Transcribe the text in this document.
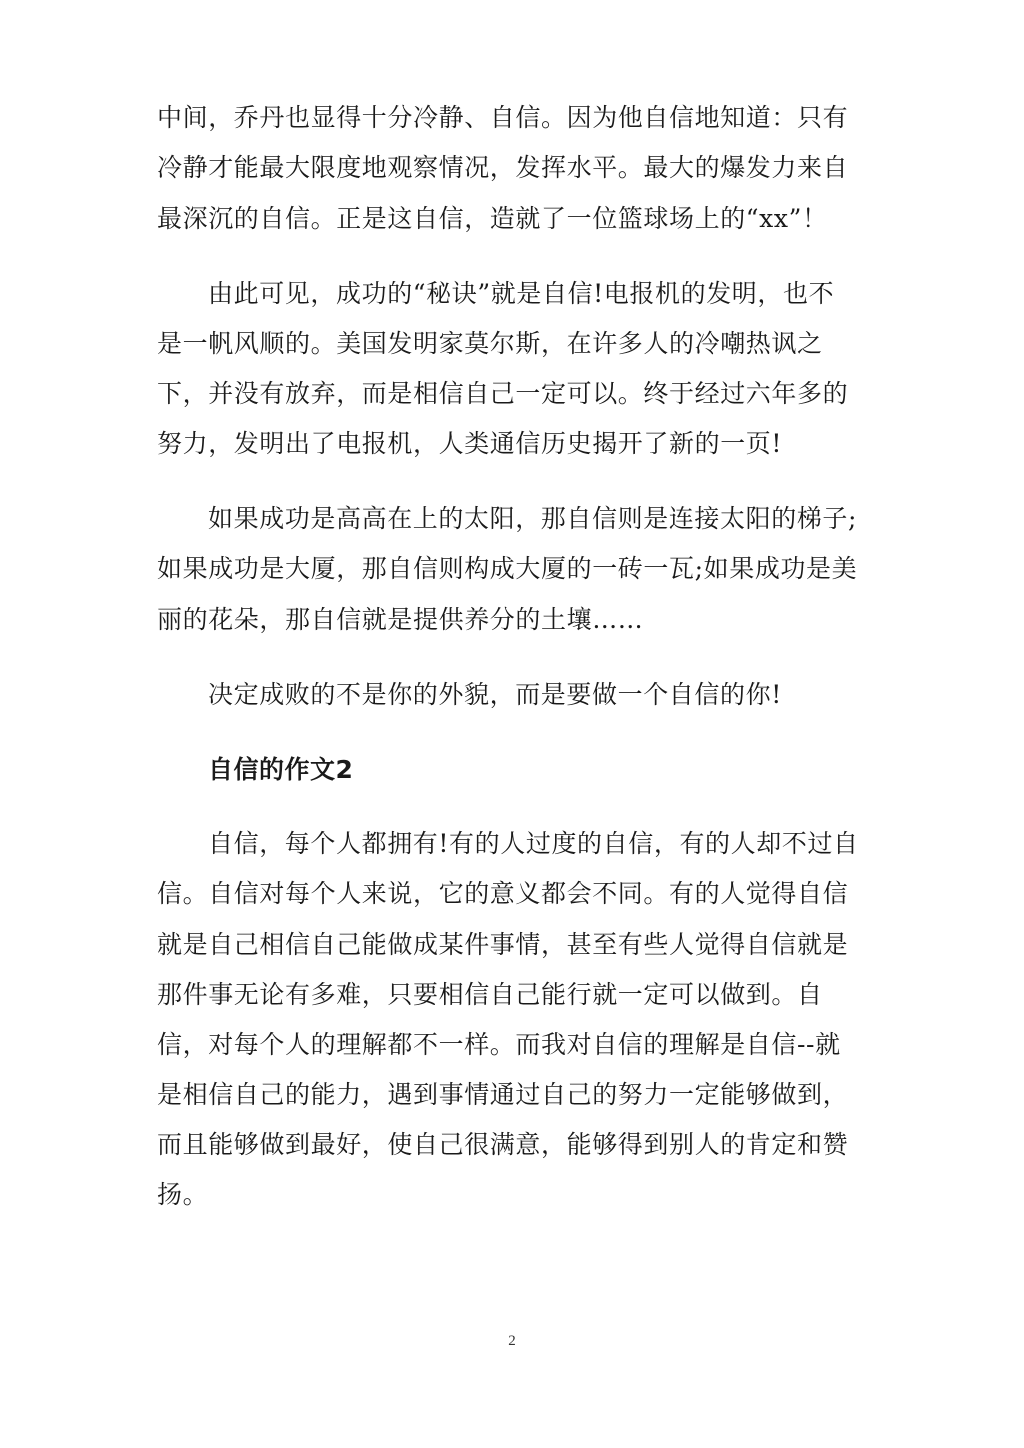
中间，乔丹也显得十分冷静、自信。因为他自信地知道：只有
冷静才能最大限度地观察情况，发挥水平。最大的爆发力来自
最深沉的自信。正是这自信，造就了一位篮球场上的“xx”！
由此可见，成功的“秘诀”就是自信!电报机的发明，也不
是一帆风顺的。美国发明家莫尔斯，在许多人的冷嘲热讽之
下，并没有放弃，而是相信自己一定可以。终于经过六年多的
努力，发明出了电报机，人类通信历史揭开了新的一页!
如果成功是高高在上的太阳，那自信则是连接太阳的梯子;
如果成功是大厦，那自信则构成大厦的一砖一瓦;如果成功是美
丽的花朵，那自信就是提供养分的土壤……
决定成败的不是你的外貌，而是要做一个自信的你!
自信的作文2
自信，每个人都拥有!有的人过度的自信，有的人却不过自
信。自信对每个人来说，它的意义都会不同。有的人觉得自信
就是自己相信自己能做成某件事情，甚至有些人觉得自信就是
那件事无论有多难，只要相信自己能行就一定可以做到。自
信，对每个人的理解都不一样。而我对自信的理解是自信--就
是相信自己的能力，遇到事情通过自己的努力一定能够做到，
而且能够做到最好，使自己很满意，能够得到别人的肯定和赞
扬。
2
